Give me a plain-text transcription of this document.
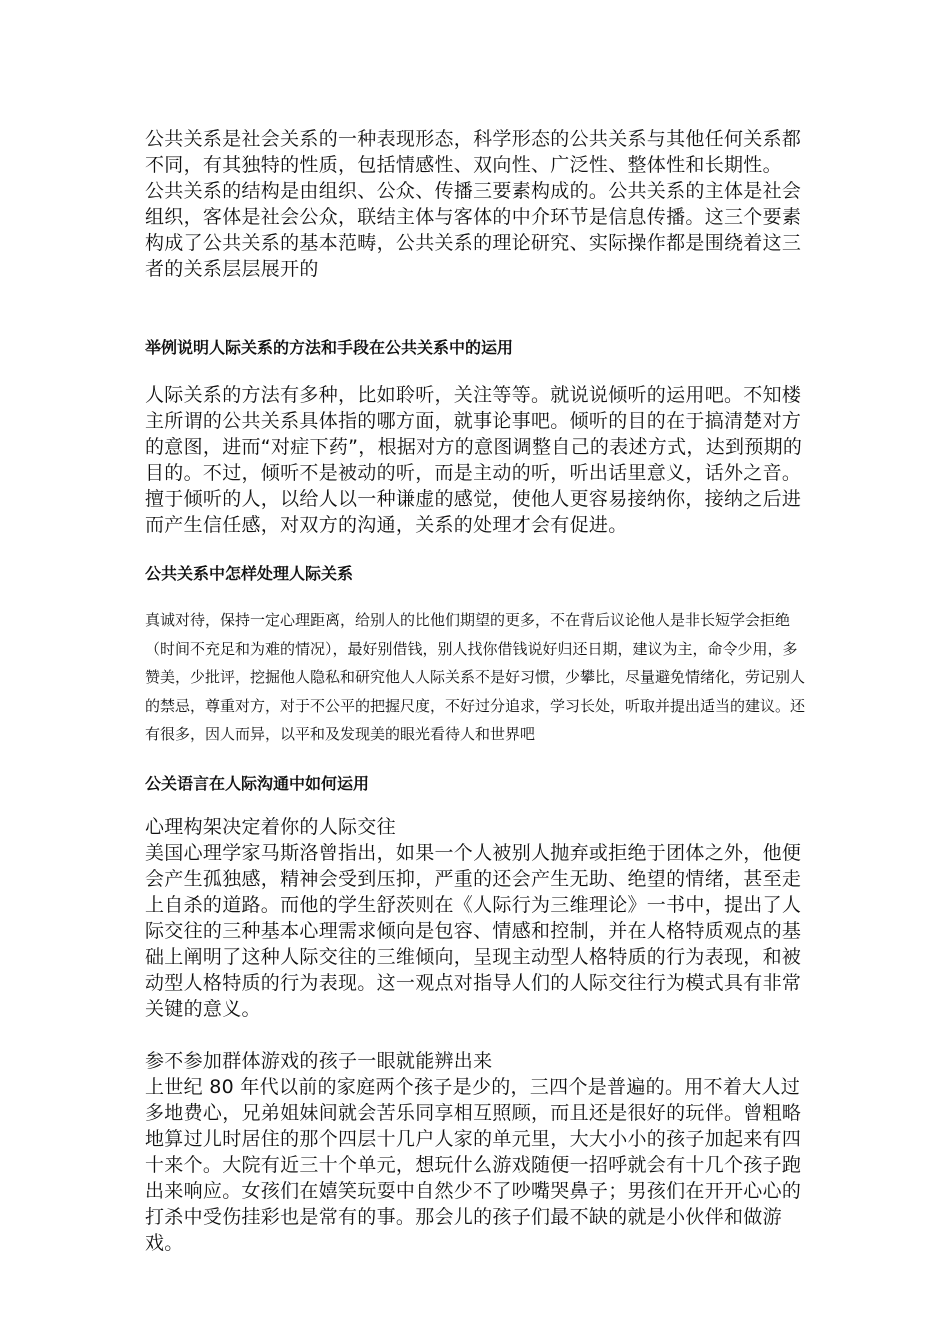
公共关系是社会关系的一种表现形态，科学形态的公共关系与其他任何关系都不同，有其独特的性质，包括情感性、双向性、广泛性、整体性和长期性。

公共关系的结构是由组织、公众、传播三要素构成的。公共关系的主体是社会组织，客体是社会公众，联结主体与客体的中介环节是信息传播。这三个要素构成了公共关系的基本范畴，公共关系的理论研究、实际操作都是围绕着这三者的关系层层展开的

举例说明人际关系的方法和手段在公共关系中的运用

人际关系的方法有多种，比如聆听，关注等等。就说说倾听的运用吧。不知楼主所谓的公共关系具体指的哪方面，就事论事吧。倾听的目的在于搞清楚对方的意图，进而“对症下药”，根据对方的意图调整自己的表述方式，达到预期的目的。不过，倾听不是被动的听，而是主动的听，听出话里意义，话外之音。擅于倾听的人，以给人以一种谦虚的感觉，使他人更容易接纳你，接纳之后进而产生信任感，对双方的沟通，关系的处理才会有促进。

公共关系中怎样处理人际关系

真诚对待，保持一定心理距离，给别人的比他们期望的更多，不在背后议论他人是非长短学会拒绝（时间不充足和为难的情况），最好别借钱，别人找你借钱说好归还日期，建议为主，命令少用，多赞美，少批评，挖掘他人隐私和研究他人人际关系不是好习惯，少攀比，尽量避免情绪化，劳记别人的禁忌，尊重对方，对于不公平的把握尺度，不好过分追求，学习长处，听取并提出适当的建议。还有很多，因人而异，以平和及发现美的眼光看待人和世界吧

公关语言在人际沟通中如何运用

心理构架决定着你的人际交往

美国心理学家马斯洛曾指出，如果一个人被别人抛弃或拒绝于团体之外，他便会产生孤独感，精神会受到压抑，严重的还会产生无助、绝望的情绪，甚至走上自杀的道路。而他的学生舒茨则在《人际行为三维理论》一书中，提出了人际交往的三种基本心理需求倾向是包容、情感和控制，并在人格特质观点的基础上阐明了这种人际交往的三维倾向，呈现主动型人格特质的行为表现，和被动型人格特质的行为表现。这一观点对指导人们的人际交往行为模式具有非常关键的意义。

参不参加群体游戏的孩子一眼就能辨出来

上世纪 80 年代以前的家庭两个孩子是少的，三四个是普遍的。用不着大人过多地费心，兄弟姐妹间就会苦乐同享相互照顾，而且还是很好的玩伴。曾粗略地算过儿时居住的那个四层十几户人家的单元里，大大小小的孩子加起来有四十来个。大院有近三十个单元，想玩什么游戏随便一招呼就会有十几个孩子跑出来响应。女孩们在嬉笑玩耍中自然少不了吵嘴哭鼻子；男孩们在开开心心的打杀中受伤挂彩也是常有的事。那会儿的孩子们最不缺的就是小伙伴和做游戏。
